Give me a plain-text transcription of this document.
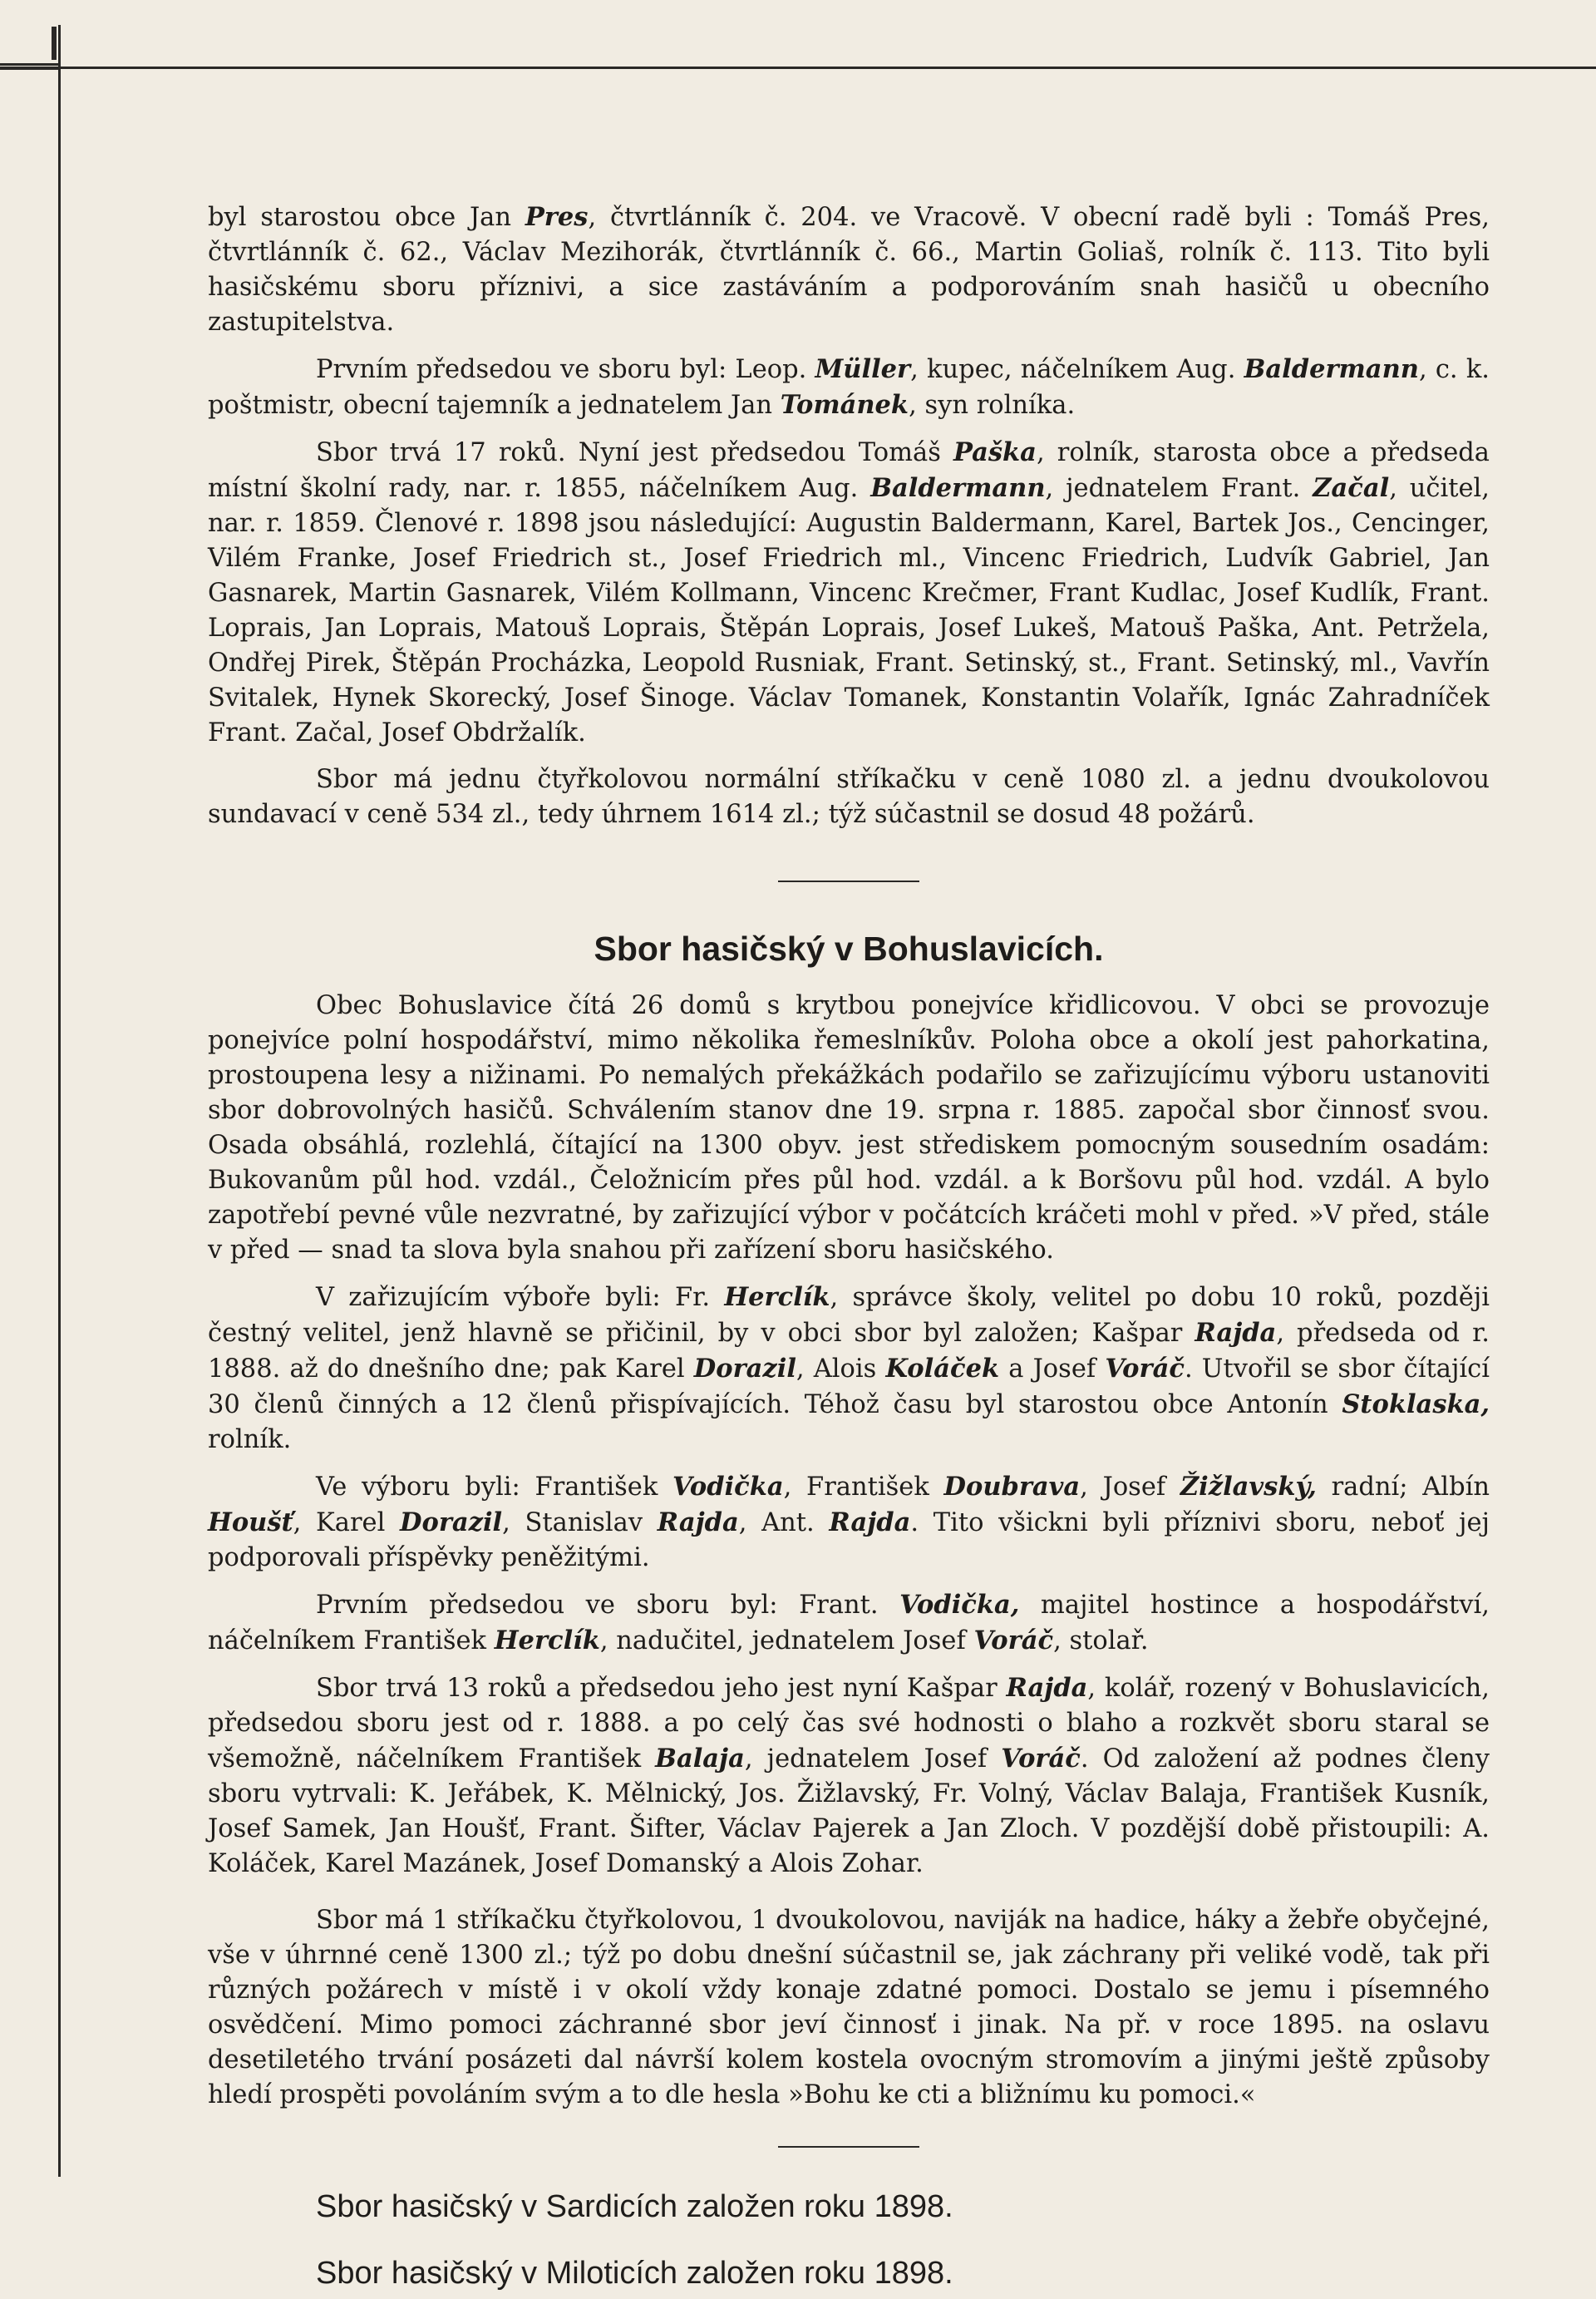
byl starostou obce Jan Pres, čtvrtlánník č. 204. ve Vracově. V obecní radě byli : Tomáš Pres, čtvrtlánník č. 62., Václav Mezihorák, čtvrtlánník č. 66., Martin Goliaš, rolník č. 113. Tito byli hasičskému sboru příznivi, a sice zastáváním a podporováním snah hasičů u obecního zastupitelstva.

Prvním předsedou ve sboru byl: Leop. Müller, kupec, náčelníkem Aug. Baldermann, c. k. poštmistr, obecní tajemník a jednatelem Jan Tománek, syn rolníka.

Sbor trvá 17 roků. Nyní jest předsedou Tomáš Paška, rolník, starosta obce a předseda místní školní rady, nar. r. 1855, náčelníkem Aug. Baldermann, jednatelem Frant. Začal, učitel, nar. r. 1859. Členové r. 1898 jsou následující: Augustin Baldermann, Karel, Bartek Jos., Cencinger, Vilém Franke, Josef Friedrich st., Josef Friedrich ml., Vincenc Friedrich, Ludvík Gabriel, Jan Gasnarek, Martin Gasnarek, Vilém Kollmann, Vincenc Krečmer, Frant Kudlac, Josef Kudlík, Frant. Loprais, Jan Loprais, Matouš Loprais, Štěpán Loprais, Josef Lukeš, Matouš Paška, Ant. Petržela, Ondřej Pirek, Štěpán Procházka, Leopold Rusniak, Frant. Setinský, st., Frant. Setinský, ml., Vavřín Svitalek, Hynek Skorecký, Josef Šinoge. Václav Tomanek, Konstantin Volařík, Ignác Zahradníček Frant. Začal, Josef Obdržalík.

Sbor má jednu čtyřkolovou normální stříkačku v ceně 1080 zl. a jednu dvoukolovou sundavací v ceně 534 zl., tedy úhrnem 1614 zl.; týž súčastnil se dosud 48 požárů.

Sbor hasičský v Bohuslavicích.

Obec Bohuslavice čítá 26 domů s krytbou ponejvíce křidlicovou. V obci se provozuje ponejvíce polní hospodářství, mimo několika řemeslníkův. Poloha obce a okolí jest pahorkatina, prostoupena lesy a nižinami. Po nemalých překážkách podařilo se zařizujícímu výboru ustanoviti sbor dobrovolných hasičů. Schválením stanov dne 19. srpna r. 1885. započal sbor činnosť svou. Osada obsáhlá, rozlehlá, čítající na 1300 obyv. jest střediskem pomocným sousedním osadám: Bukovanům půl hod. vzdál., Čeložnicím přes půl hod. vzdál. a k Boršovu půl hod. vzdál. A bylo zapotřebí pevné vůle nezvratné, by zařizující výbor v počátcích kráčeti mohl v před. »V před, stále v před — snad ta slova byla snahou při zařízení sboru hasičského.

V zařizujícím výboře byli: Fr. Herclík, správce školy, velitel po dobu 10 roků, později čestný velitel, jenž hlavně se přičinil, by v obci sbor byl založen; Kašpar Rajda, předseda od r. 1888. až do dnešního dne; pak Karel Dorazil, Alois Koláček a Josef Voráč. Utvořil se sbor čítající 30 členů činných a 12 členů přispívajících. Téhož času byl starostou obce Antonín Stoklaska, rolník.

Ve výboru byli: František Vodička, František Doubrava, Josef Žižlavský, radní; Albín Houšť, Karel Dorazil, Stanislav Rajda, Ant. Rajda. Tito všickni byli příznivi sboru, neboť jej podporovali příspěvky peněžitými.

Prvním předsedou ve sboru byl: Frant. Vodička, majitel hostince a hospodářství, náčelníkem František Herclík, nadučitel, jednatelem Josef Voráč, stolař.

Sbor trvá 13 roků a předsedou jeho jest nyní Kašpar Rajda, kolář, rozený v Bohuslavicích, předsedou sboru jest od r. 1888. a po celý čas své hodnosti o blaho a rozkvět sboru staral se všemožně, náčelníkem František Balaja, jednatelem Josef Voráč. Od založení až podnes členy sboru vytrvali: K. Jeřábek, K. Mělnický, Jos. Žižlavský, Fr. Volný, Václav Balaja, František Kusník, Josef Samek, Jan Houšť, Frant. Šifter, Václav Pajerek a Jan Zloch. V pozdější době přistoupili: A. Koláček, Karel Mazánek, Josef Domanský a Alois Zohar.

Sbor má 1 stříkačku čtyřkolovou, 1 dvoukolovou, naviják na hadice, háky a žebře obyčejné, vše v úhrnné ceně 1300 zl.; týž po dobu dnešní súčastnil se, jak záchrany při veliké vodě, tak při různých požárech v místě i v okolí vždy konaje zdatné pomoci. Dostalo se jemu i písemného osvědčení. Mimo pomoci záchranné sbor jeví činnosť i jinak. Na př. v roce 1895. na oslavu desetiletého trvání posázeti dal návrší kolem kostela ovocným stromovím a jinými ještě způsoby hledí prospěti povoláním svým a to dle hesla »Bohu ke cti a bližnímu ku pomoci.«

Sbor hasičský v Sardicích založen roku 1898.

Sbor hasičský v Miloticích založen roku 1898.
